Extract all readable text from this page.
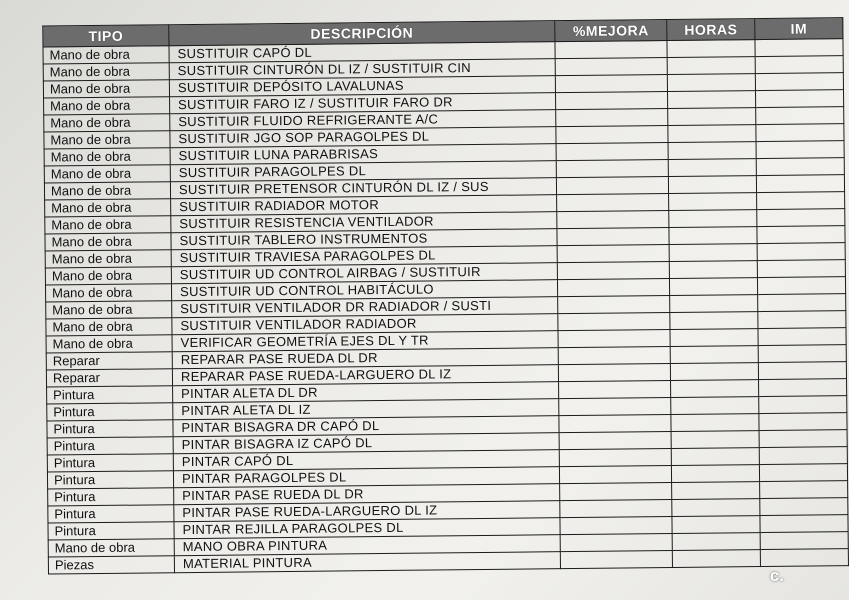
TIPO	DESCRIPCIÓN	%MEJORA	HORAS	IM
Mano de obra	SUSTITUIR CAPÓ DL			
Mano de obra	SUSTITUIR CINTURÓN DL IZ / SUSTITUIR CIN			
Mano de obra	SUSTITUIR DEPÓSITO LAVALUNAS			
Mano de obra	SUSTITUIR FARO IZ / SUSTITUIR FARO DR			
Mano de obra	SUSTITUIR FLUIDO REFRIGERANTE A/C			
Mano de obra	SUSTITUIR JGO SOP PARAGOLPES DL			
Mano de obra	SUSTITUIR LUNA PARABRISAS			
Mano de obra	SUSTITUIR PARAGOLPES DL			
Mano de obra	SUSTITUIR PRETENSOR CINTURÓN DL IZ / SUS			
Mano de obra	SUSTITUIR RADIADOR MOTOR			
Mano de obra	SUSTITUIR RESISTENCIA VENTILADOR			
Mano de obra	SUSTITUIR TABLERO INSTRUMENTOS			
Mano de obra	SUSTITUIR TRAVIESA PARAGOLPES DL			
Mano de obra	SUSTITUIR UD CONTROL AIRBAG / SUSTITUIR			
Mano de obra	SUSTITUIR UD CONTROL HABITÁCULO			
Mano de obra	SUSTITUIR VENTILADOR DR RADIADOR / SUSTI			
Mano de obra	SUSTITUIR VENTILADOR RADIADOR			
Mano de obra	VERIFICAR GEOMETRÍA EJES DL Y TR			
Reparar	REPARAR PASE RUEDA DL DR			
Reparar	REPARAR PASE RUEDA-LARGUERO DL IZ			
Pintura	PINTAR ALETA DL DR			
Pintura	PINTAR ALETA DL IZ			
Pintura	PINTAR BISAGRA DR CAPÓ DL			
Pintura	PINTAR BISAGRA IZ CAPÓ DL			
Pintura	PINTAR CAPÓ DL			
Pintura	PINTAR PARAGOLPES DL			
Pintura	PINTAR PASE RUEDA DL DR			
Pintura	PINTAR PASE RUEDA-LARGUERO DL IZ			
Pintura	PINTAR REJILLA PARAGOLPES DL			
Mano de obra	MANO OBRA PINTURA			
Piezas	MATERIAL PINTURA			
c.
